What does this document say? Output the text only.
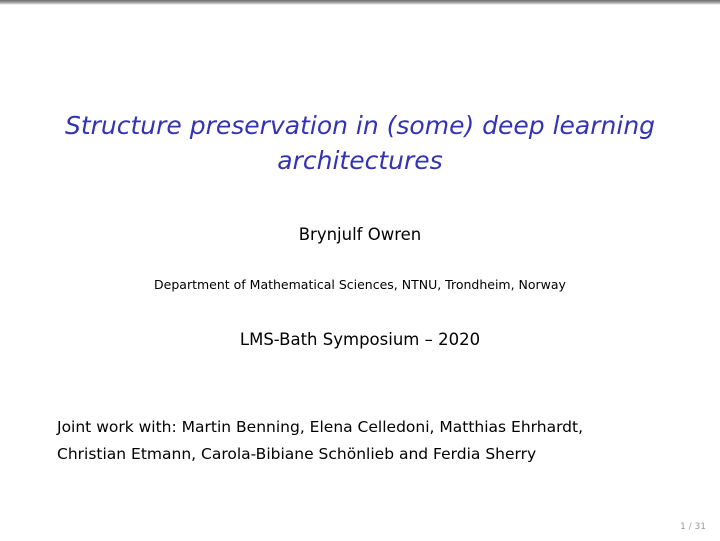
Structure preservation in (some) deep learning architectures
Brynjulf Owren
Department of Mathematical Sciences, NTNU, Trondheim, Norway
LMS-Bath Symposium – 2020
Joint work with: Martin Benning, Elena Celledoni, Matthias Ehrhardt,
Christian Etmann, Carola-Bibiane Schönlieb and Ferdia Sherry
1 / 31
